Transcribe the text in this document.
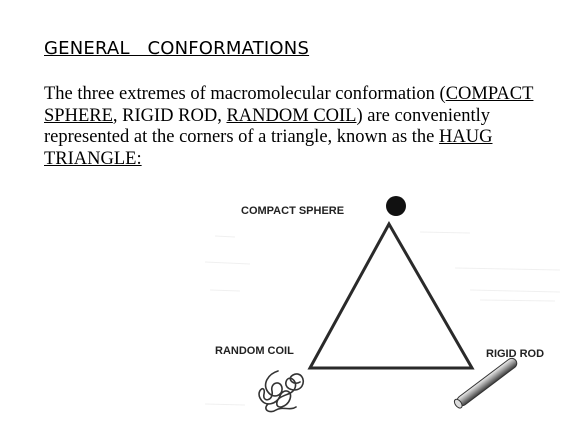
GENERAL   CONFORMATIONS
The three extremes of macromolecular conformation (COMPACT SPHERE, RIGID ROD, RANDOM COIL) are conveniently represented at the corners of a triangle, known as the HAUG TRIANGLE:
COMPACT SPHERE
RANDOM COIL	RIGID ROD
